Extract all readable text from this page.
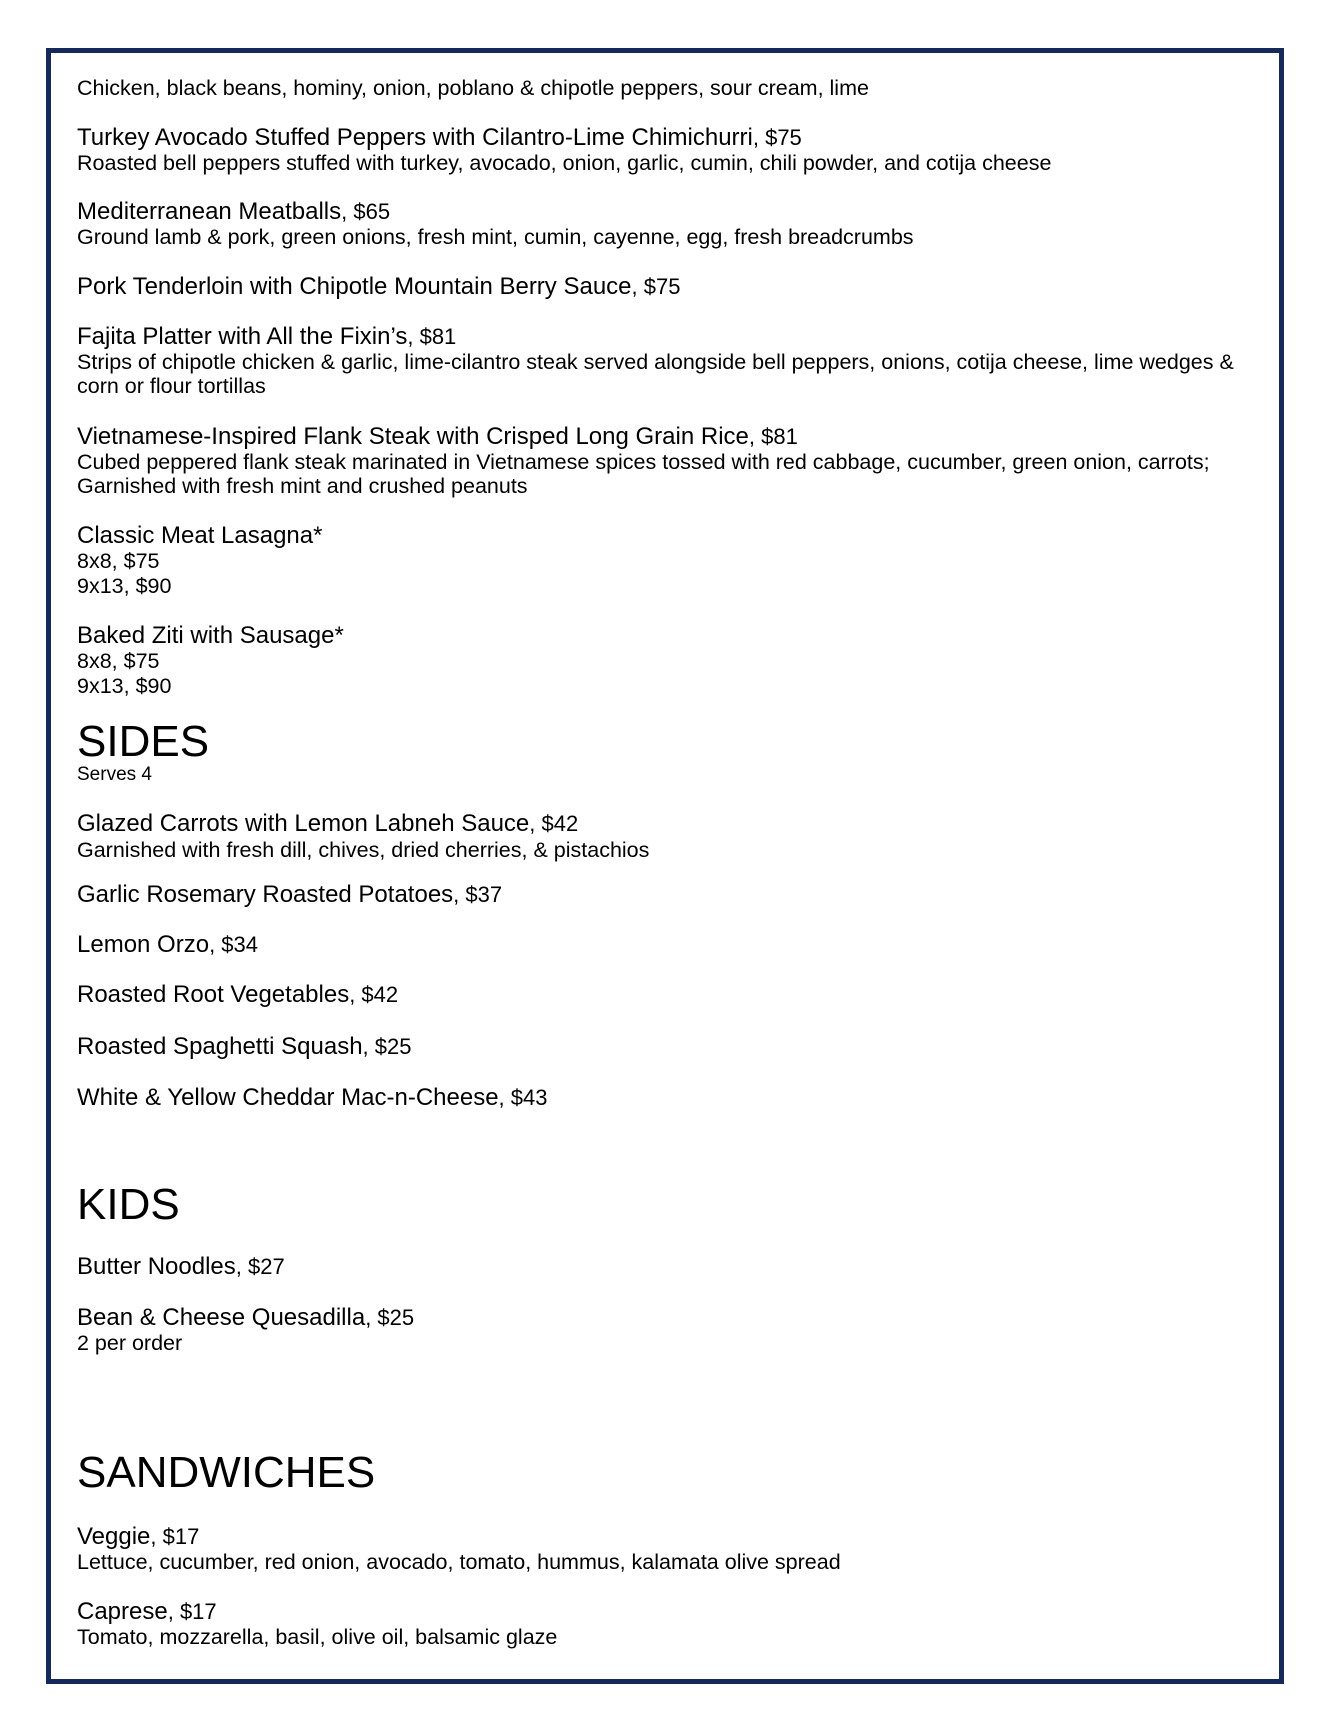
Chicken, black beans, hominy, onion, poblano & chipotle peppers, sour cream, lime
Turkey Avocado Stuffed Peppers with Cilantro-Lime Chimichurri, $75
Roasted bell peppers stuffed with turkey, avocado, onion, garlic, cumin, chili powder, and cotija cheese
Mediterranean Meatballs, $65
Ground lamb & pork, green onions, fresh mint, cumin, cayenne, egg, fresh breadcrumbs
Pork Tenderloin with Chipotle Mountain Berry Sauce, $75
Fajita Platter with All the Fixin’s, $81
Strips of chipotle chicken & garlic, lime-cilantro steak served alongside bell peppers, onions, cotija cheese, lime wedges & corn or flour tortillas
Vietnamese-Inspired Flank Steak with Crisped Long Grain Rice, $81
Cubed peppered flank steak marinated in Vietnamese spices tossed with red cabbage, cucumber, green onion, carrots; Garnished with fresh mint and crushed peanuts
Classic Meat Lasagna*
8x8, $75
9x13, $90
Baked Ziti with Sausage*
8x8, $75
9x13, $90
SIDES
Serves 4
Glazed Carrots with Lemon Labneh Sauce, $42
Garnished with fresh dill, chives, dried cherries, & pistachios
Garlic Rosemary Roasted Potatoes, $37
Lemon Orzo, $34
Roasted Root Vegetables, $42
Roasted Spaghetti Squash, $25
White & Yellow Cheddar Mac-n-Cheese, $43
KIDS
Butter Noodles, $27
Bean & Cheese Quesadilla, $25
2 per order
SANDWICHES
Veggie, $17
Lettuce, cucumber, red onion, avocado, tomato, hummus, kalamata olive spread
Caprese, $17
Tomato, mozzarella, basil, olive oil, balsamic glaze
